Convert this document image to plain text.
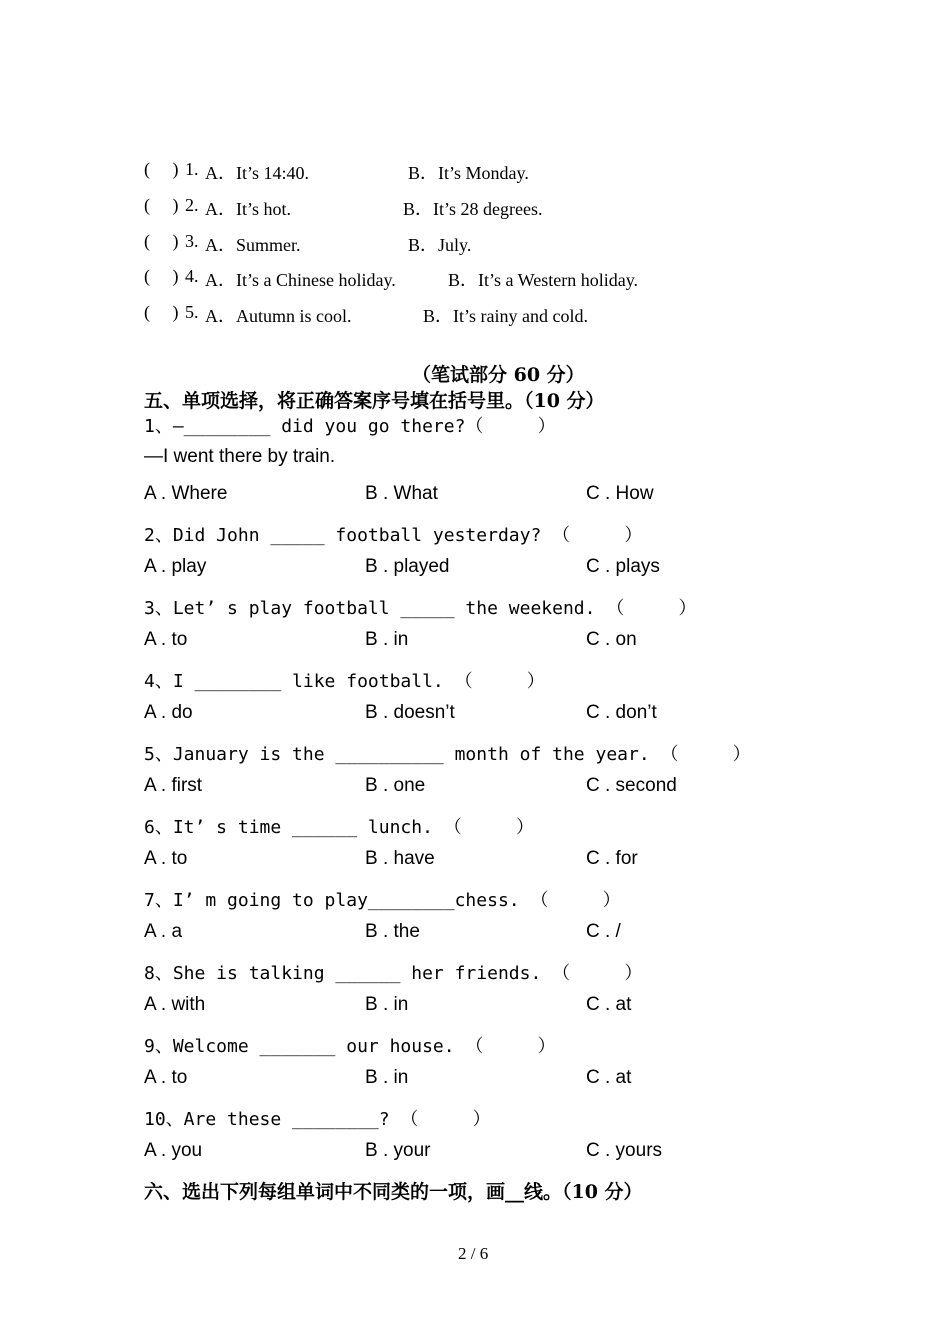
(     ) 1. A．It’s 14:40.	B．It’s Monday.
(     ) 2. A．It’s hot.	B．It’s 28 degrees.
(     ) 3. A．Summer.	B．July.
(     ) 4. A．It’s a Chinese holiday.	B．It’s a Western holiday.
(     ) 5. A．Autumn is cool.	B．It’s rainy and cold.
（笔试部分 60 分）
五、单项选择，将正确答案序号填在括号里。（10 分）
1、—________ did you go there?（     ）
—I went there by train.
A . Where	B . What	C . How
2、Did John _____ football yesterday? （     ）
A . play	B . played	C . plays
3、Let’ s play football _____ the weekend. （     ）
A . to	B . in	C . on
4、I ________ like football. （     ）
A . do	B . doesn’t	C . don’t
5、January is the __________ month of the year. （     ）
A . first	B . one	C . second
6、It’ s time ______ lunch. （     ）
A . to	B . have	C . for
7、I’ m going to play________chess. （     ）
A . a	B . the	C . /
8、She is talking ______ her friends. （     ）
A . with	B . in	C . at
9、Welcome _______ our house. （     ）
A . to	B . in	C . at
10、Are these ________? （     ）
A . you	B . your	C . yours
六、选出下列每组单词中不同类的一项，画__线。（10 分）
2 / 6
